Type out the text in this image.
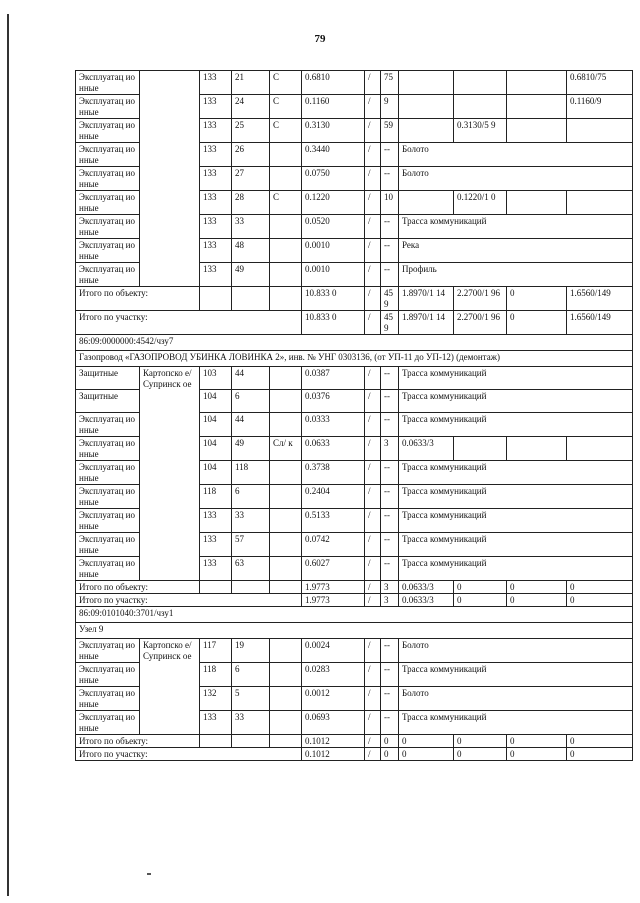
79
Эксплуатац ионные		133	21	С	0.6810	/	75				0.6810/75
Эксплуатац ионные		133	24	С	0.1160	/	9				0.1160/9
Эксплуатац ионные		133	25	С	0.3130	/	59		0.3130/5 9		
Эксплуатац ионные		133	26		0.3440	/	--	Болото			
Эксплуатац ионные		133	27		0.0750	/	--	Болото			
Эксплуатац ионные		133	28	С	0.1220	/	10		0.1220/1 0		
Эксплуатац ионные		133	33		0.0520	/	--	Трасса коммуникаций			
Эксплуатац ионные		133	48		0.0010	/	--	Река			
Эксплуатац ионные		133	49		0.0010	/	--	Профиль			
Итого по объекту:					10.833 0	/	45 9	1.8970/1 14	2.2700/1 96	0	1.6560/149
Итого по участку:					10.833 0	/	45 9	1.8970/1 14	2.2700/1 96	0	1.6560/149
86:09:0000000:4542/чзу7											
Газопровод «ГАЗОПРОВОД УБИНКА ЛОВИНКА 2», инв. № УНГ 0303136, (от УП-11 до УП-12) (демонтаж)											
Защитные	Картопско е/ Супринск ое	103	44		0.0387	/	--	Трасса коммуникаций			
Защитные		104	6		0.0376	/	--	Трасса коммуникаций			
Эксплуатац ионные		104	44		0.0333	/	--	Трасса коммуникаций			
Эксплуатац ионные		104	49	Сл/ к	0.0633	/	3	0.0633/3			
Эксплуатац ионные		104	118		0.3738	/	--	Трасса коммуникаций			
Эксплуатац ионные		118	6		0.2404	/	--	Трасса коммуникаций			
Эксплуатац ионные		133	33		0.5133	/	--	Трасса коммуникаций			
Эксплуатац ионные		133	57		0.0742	/	--	Трасса коммуникаций			
Эксплуатац ионные		133	63		0.6027	/	--	Трасса коммуникаций			
Итого по объекту:					1.9773	/	3	0.0633/3	0	0	0
Итого по участку:					1.9773	/	3	0.0633/3	0	0	0
86:09:0101040:3701/чзу1											
Узел 9											
Эксплуатац ионные	Картопско е/ Супринск ое	117	19		0.0024	/	--	Болото			
Эксплуатац ионные		118	6		0.0283	/	--	Трасса коммуникаций			
Эксплуатац ионные		132	5		0.0012	/	--	Болото			
Эксплуатац ионные		133	33		0.0693	/	--	Трасса коммуникаций			
Итого по объекту:					0.1012	/	0	0	0	0	0
Итого по участку:					0.1012	/	0	0	0	0	0
